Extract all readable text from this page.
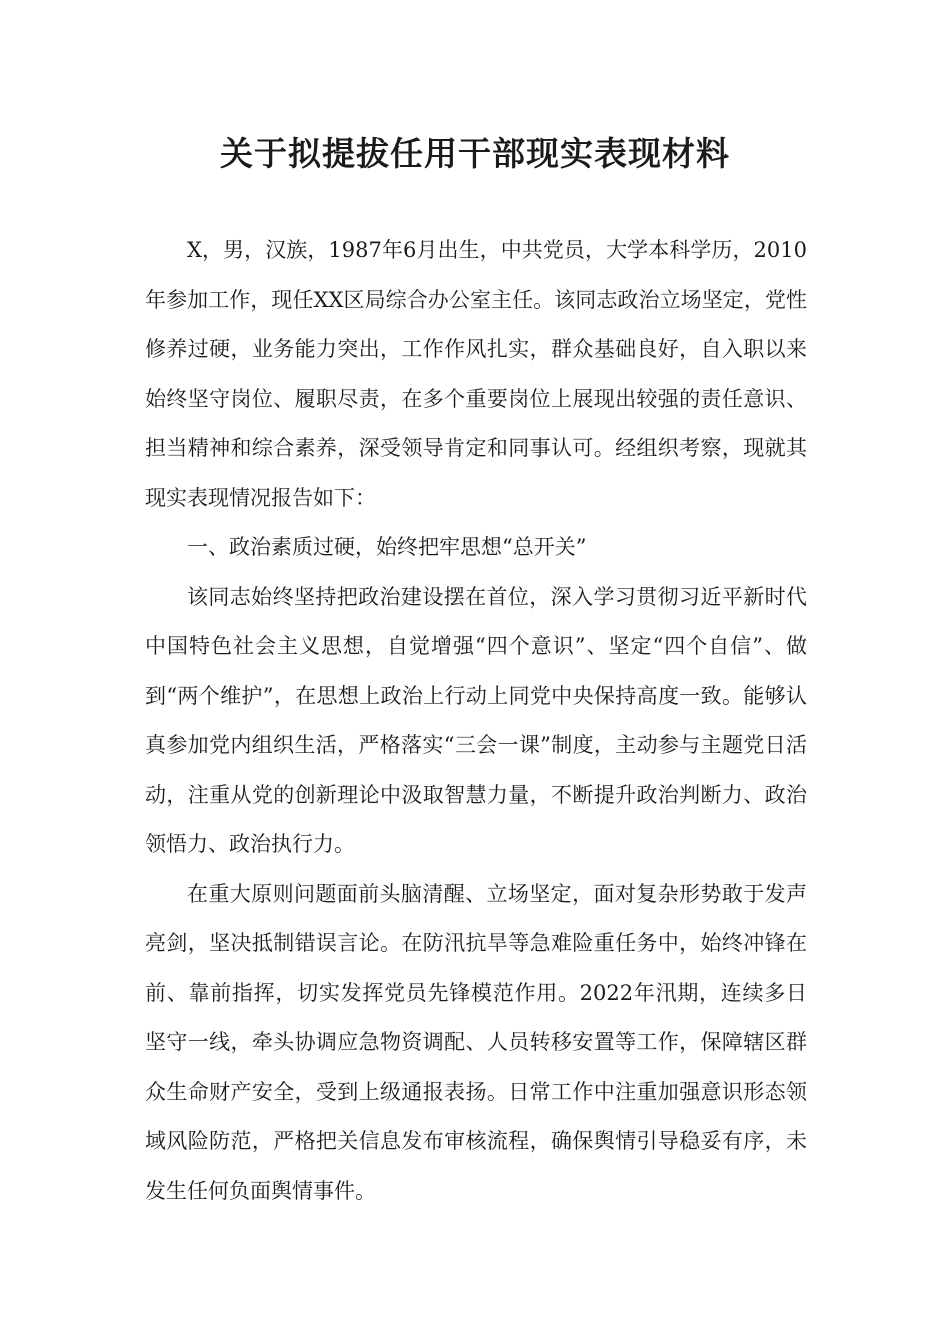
关于拟提拔任用干部现实表现材料

X，男，汉族，1987年6月出生，中共党员，大学本科学历，2010年参加工作，现任XX区局综合办公室主任。该同志政治立场坚定，党性修养过硬，业务能力突出，工作作风扎实，群众基础良好，自入职以来始终坚守岗位、履职尽责，在多个重要岗位上展现出较强的责任意识、担当精神和综合素养，深受领导肯定和同事认可。经组织考察，现就其现实表现情况报告如下：

一、政治素质过硬，始终把牢思想“总开关”

该同志始终坚持把政治建设摆在首位，深入学习贯彻习近平新时代中国特色社会主义思想，自觉增强“四个意识”、坚定“四个自信”、做到“两个维护”，在思想上政治上行动上同党中央保持高度一致。能够认真参加党内组织生活，严格落实“三会一课”制度，主动参与主题党日活动，注重从党的创新理论中汲取智慧力量，不断提升政治判断力、政治领悟力、政治执行力。

在重大原则问题面前头脑清醒、立场坚定，面对复杂形势敢于发声亮剑，坚决抵制错误言论。在防汛抗旱等急难险重任务中，始终冲锋在前、靠前指挥，切实发挥党员先锋模范作用。2022年汛期，连续多日坚守一线，牵头协调应急物资调配、人员转移安置等工作，保障辖区群众生命财产安全，受到上级通报表扬。日常工作中注重加强意识形态领域风险防范，严格把关信息发布审核流程，确保舆情引导稳妥有序，未发生任何负面舆情事件。
